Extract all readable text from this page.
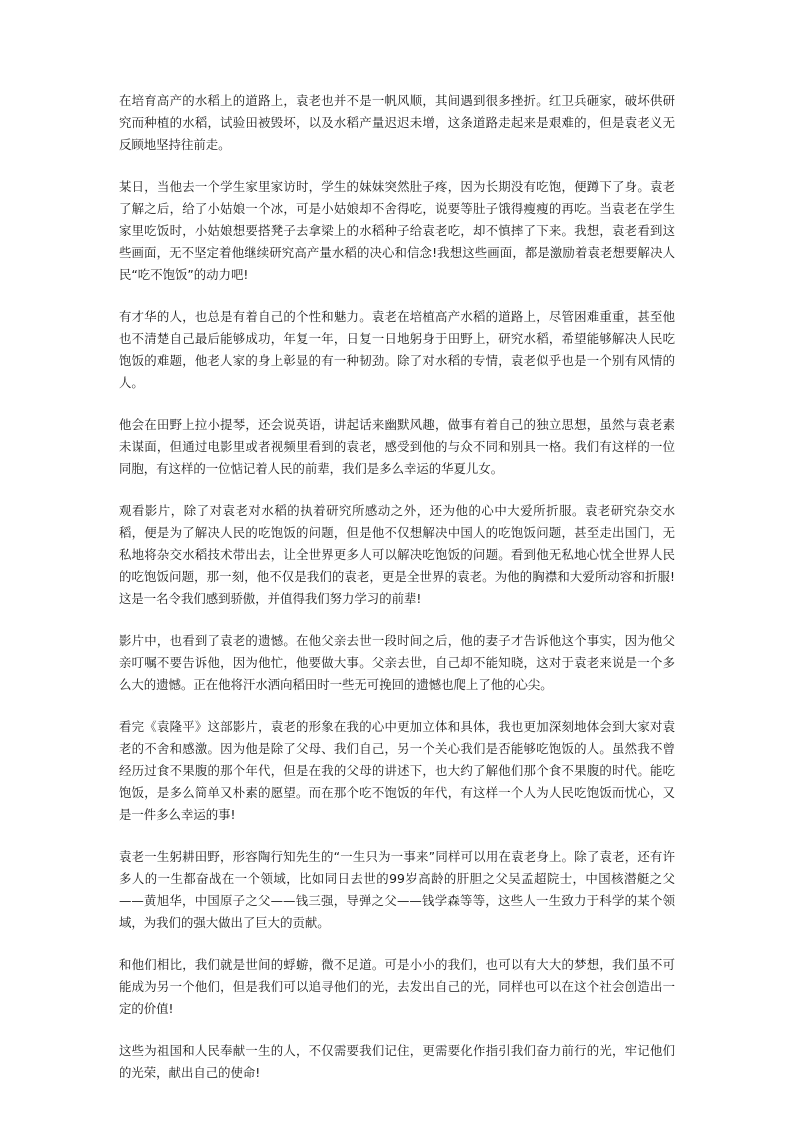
在培育高产的水稻上的道路上，袁老也并不是一帆风顺，其间遇到很多挫折。红卫兵砸家，破坏供研究而种植的水稻，试验田被毁坏，以及水稻产量迟迟未增，这条道路走起来是艰难的，但是袁老义无反顾地坚持往前走。

某日，当他去一个学生家里家访时，学生的妹妹突然肚子疼，因为长期没有吃饱，便蹲下了身。袁老了解之后，给了小姑娘一个冰，可是小姑娘却不舍得吃，说要等肚子饿得瘦瘦的再吃。当袁老在学生家里吃饭时，小姑娘想要搭凳子去拿梁上的水稻种子给袁老吃，却不慎摔了下来。我想，袁老看到这些画面，无不坚定着他继续研究高产量水稻的决心和信念!我想这些画面，都是激励着袁老想要解决人民“吃不饱饭”的动力吧!

有才华的人，也总是有着自己的个性和魅力。袁老在培植高产水稻的道路上，尽管困难重重，甚至他也不清楚自己最后能够成功，年复一年，日复一日地躬身于田野上，研究水稻，希望能够解决人民吃饱饭的难题，他老人家的身上彰显的有一种韧劲。除了对水稻的专情，袁老似乎也是一个别有风情的人。

他会在田野上拉小提琴，还会说英语，讲起话来幽默风趣，做事有着自己的独立思想，虽然与袁老素未谋面，但通过电影里或者视频里看到的袁老，感受到他的与众不同和别具一格。我们有这样的一位同胞，有这样的一位惦记着人民的前辈，我们是多么幸运的华夏儿女。

观看影片，除了对袁老对水稻的执着研究所感动之外，还为他的心中大爱所折服。袁老研究杂交水稻，便是为了解决人民的吃饱饭的问题，但是他不仅想解决中国人的吃饱饭问题，甚至走出国门，无私地将杂交水稻技术带出去，让全世界更多人可以解决吃饱饭的问题。看到他无私地心忧全世界人民的吃饱饭问题，那一刻，他不仅是我们的袁老，更是全世界的袁老。为他的胸襟和大爱所动容和折服!这是一名令我们感到骄傲，并值得我们努力学习的前辈!

影片中，也看到了袁老的遗憾。在他父亲去世一段时间之后，他的妻子才告诉他这个事实，因为他父亲叮嘱不要告诉他，因为他忙，他要做大事。父亲去世，自己却不能知晓，这对于袁老来说是一个多么大的遗憾。正在他将汗水洒向稻田时一些无可挽回的遗憾也爬上了他的心尖。

看完《袁隆平》这部影片，袁老的形象在我的心中更加立体和具体，我也更加深刻地体会到大家对袁老的不舍和感激。因为他是除了父母、我们自己，另一个关心我们是否能够吃饱饭的人。虽然我不曾经历过食不果腹的那个年代，但是在我的父母的讲述下，也大约了解他们那个食不果腹的时代。能吃饱饭，是多么简单又朴素的愿望。而在那个吃不饱饭的年代，有这样一个人为人民吃饱饭而忧心，又是一件多么幸运的事!

袁老一生躬耕田野，形容陶行知先生的“一生只为一事来”同样可以用在袁老身上。除了袁老，还有许多人的一生都奋战在一个领域，比如同日去世的99岁高龄的肝胆之父吴孟超院士，中国核潜艇之父——黄旭华，中国原子之父——钱三强，导弹之父——钱学森等等，这些人一生致力于科学的某个领域，为我们的强大做出了巨大的贡献。

和他们相比，我们就是世间的蜉蝣，微不足道。可是小小的我们，也可以有大大的梦想，我们虽不可能成为另一个他们，但是我们可以追寻他们的光，去发出自己的光，同样也可以在这个社会创造出一定的价值!

这些为祖国和人民奉献一生的人，不仅需要我们记住，更需要化作指引我们奋力前行的光，牢记他们的光荣，献出自己的使命!
